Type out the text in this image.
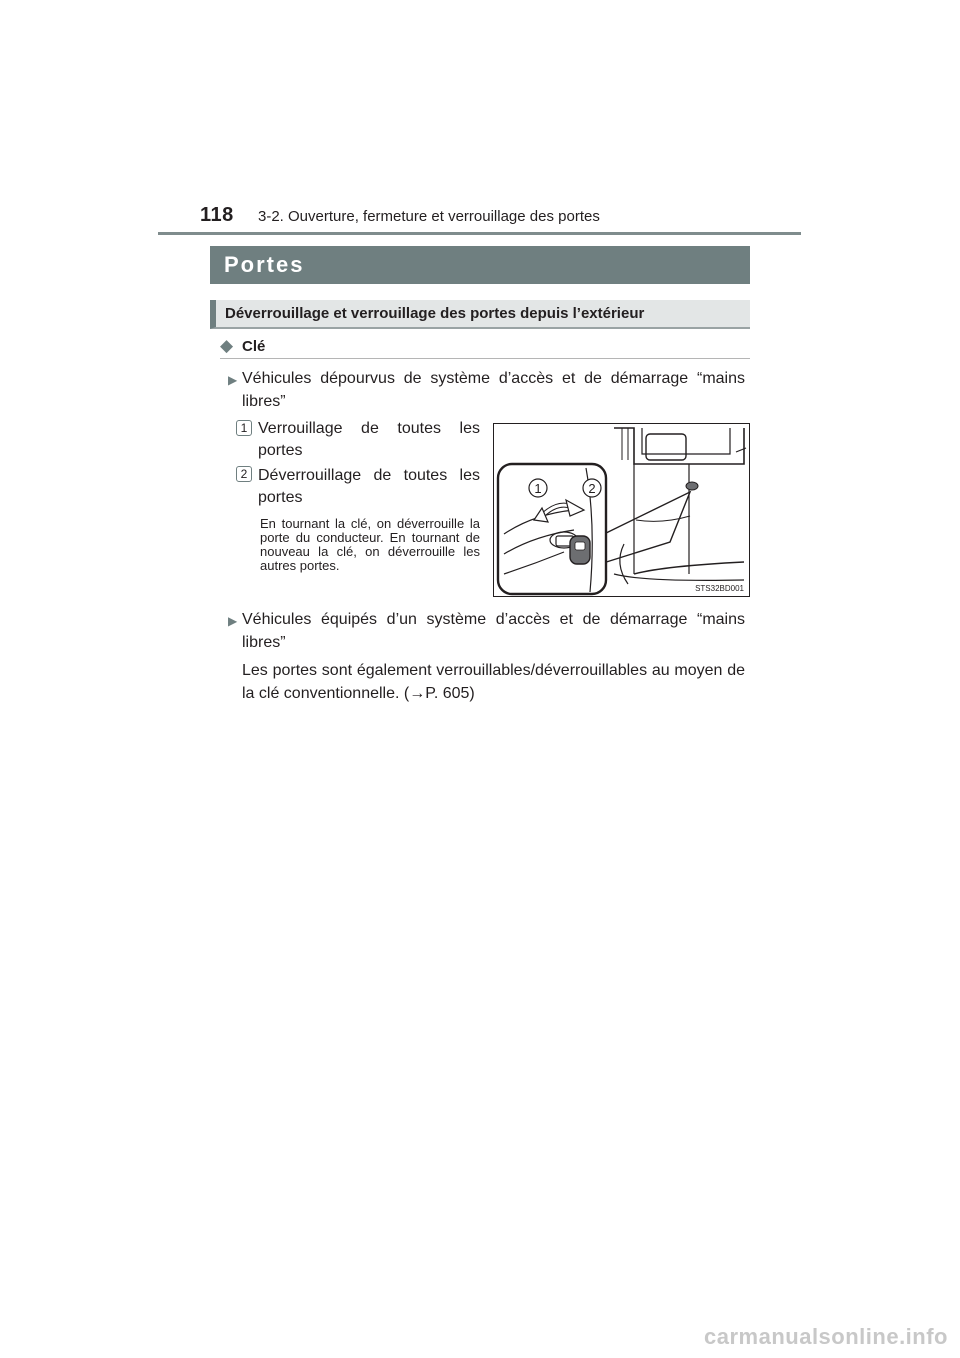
118 3-2. Ouverture, fermeture et verrouillage des portes
Portes
Déverrouillage et verrouillage des portes depuis l’extérieur
◆ Clé
▶ Véhicules dépourvus de système d’accès et de démarrage “mains libres”
1 Verrouillage de toutes les portes
2 Déverrouillage de toutes les portes
En tournant la clé, on déverrouille la porte du conducteur. En tournant de nouveau la clé, on déverrouille les autres portes.
1	2
STS32BD001
▶ Véhicules équipés d’un système d’accès et de démarrage “mains libres”
Les portes sont également verrouillables/déverrouillables au moyen de la clé conventionnelle. (→P. 605)
carmanualsonline.info
